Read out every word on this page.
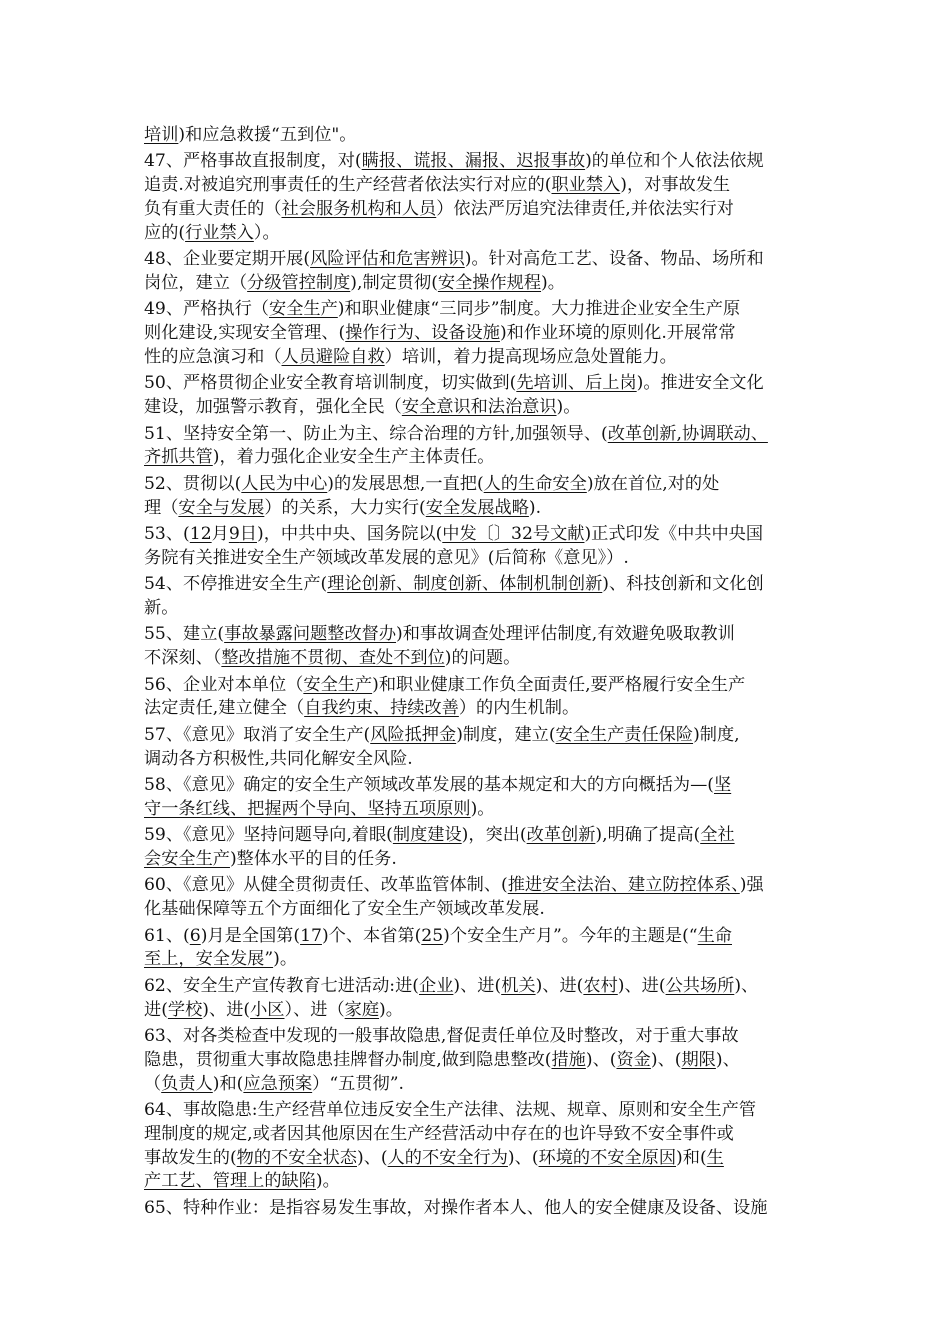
培训)和应急救援“五到位"。
47、严格事故直报制度，对(瞒报、谎报、漏报、迟报事故)的单位和个人依法依规
追责.对被追究刑事责任的生产经营者依法实行对应的(职业禁入)，对事故发生
负有重大责任的（社会服务机构和人员）依法严厉追究法律责任,并依法实行对
应的(行业禁入）。
48、企业要定期开展(风险评估和危害辨识)。针对高危工艺、设备、物品、场所和
岗位，建立（分级管控制度),制定贯彻(安全操作规程)。
49、严格执行（安全生产)和职业健康“三同步”制度。大力推进企业安全生产原
则化建设,实现安全管理、(操作行为、设备设施)和作业环境的原则化.开展常常
性的应急演习和（人员避险自救）培训，着力提高现场应急处置能力。
50、严格贯彻企业安全教育培训制度，切实做到(先培训、后上岗)。推进安全文化
建设，加强警示教育，强化全民（安全意识和法治意识)。
51、坚持安全第一、防止为主、综合治理的方针,加强领导、(改革创新,协调联动、
齐抓共管)，着力强化企业安全生产主体责任。
52、贯彻以(人民为中心)的发展思想,一直把(人的生命安全)放在首位,对的处
理（安全与发展）的关系，大力实行(安全发展战略).
53、(12月9日)，中共中央、国务院以(中发〔〕32号文献)正式印发《中共中央国
务院有关推进安全生产领域改革发展的意见》(后简称《意见》）.
54、不停推进安全生产(理论创新、制度创新、体制机制创新)、科技创新和文化创
新。
55、建立(事故暴露问题整改督办)和事故调查处理评估制度,有效避免吸取教训
不深刻、（整改措施不贯彻、查处不到位)的问题。
56、企业对本单位（安全生产)和职业健康工作负全面责任,要严格履行安全生产
法定责任,建立健全（自我约束、持续改善）的内生机制。
57、《意见》取消了安全生产(风险抵押金)制度，建立(安全生产责任保险)制度,
调动各方积极性,共同化解安全风险.
58、《意见》确定的安全生产领域改革发展的基本规定和大的方向概括为—(坚
守一条红线、把握两个导向、坚持五项原则)。
59、《意见》坚持问题导向,着眼(制度建设)，突出(改革创新),明确了提高(全社
会安全生产)整体水平的目的任务.
60、《意见》从健全贯彻责任、改革监管体制、(推进安全法治、建立防控体系、)强
化基础保障等五个方面细化了安全生产领域改革发展.
61、(6)月是全国第(17)个、本省第(25)个安全生产月”。今年的主题是(“生命
至上，安全发展”)。
62、安全生产宣传教育七进活动:进(企业)、进(机关)、进(农村)、进(公共场所)、
进(学校)、进(小区）、进（家庭)。
63、对各类检查中发现的一般事故隐患,督促责任单位及时整改，对于重大事故
隐患，贯彻重大事故隐患挂牌督办制度,做到隐患整改(措施)、(资金)、(期限)、
（负责人)和(应急预案）“五贯彻”.
64、事故隐患:生产经营单位违反安全生产法律、法规、规章、原则和安全生产管
理制度的规定,或者因其他原因在生产经营活动中存在的也许导致不安全事件或
事故发生的(物的不安全状态)、(人的不安全行为)、(环境的不安全原因)和(生
产工艺、管理上的缺陷)。
65、特种作业：是指容易发生事故，对操作者本人、他人的安全健康及设备、设施
